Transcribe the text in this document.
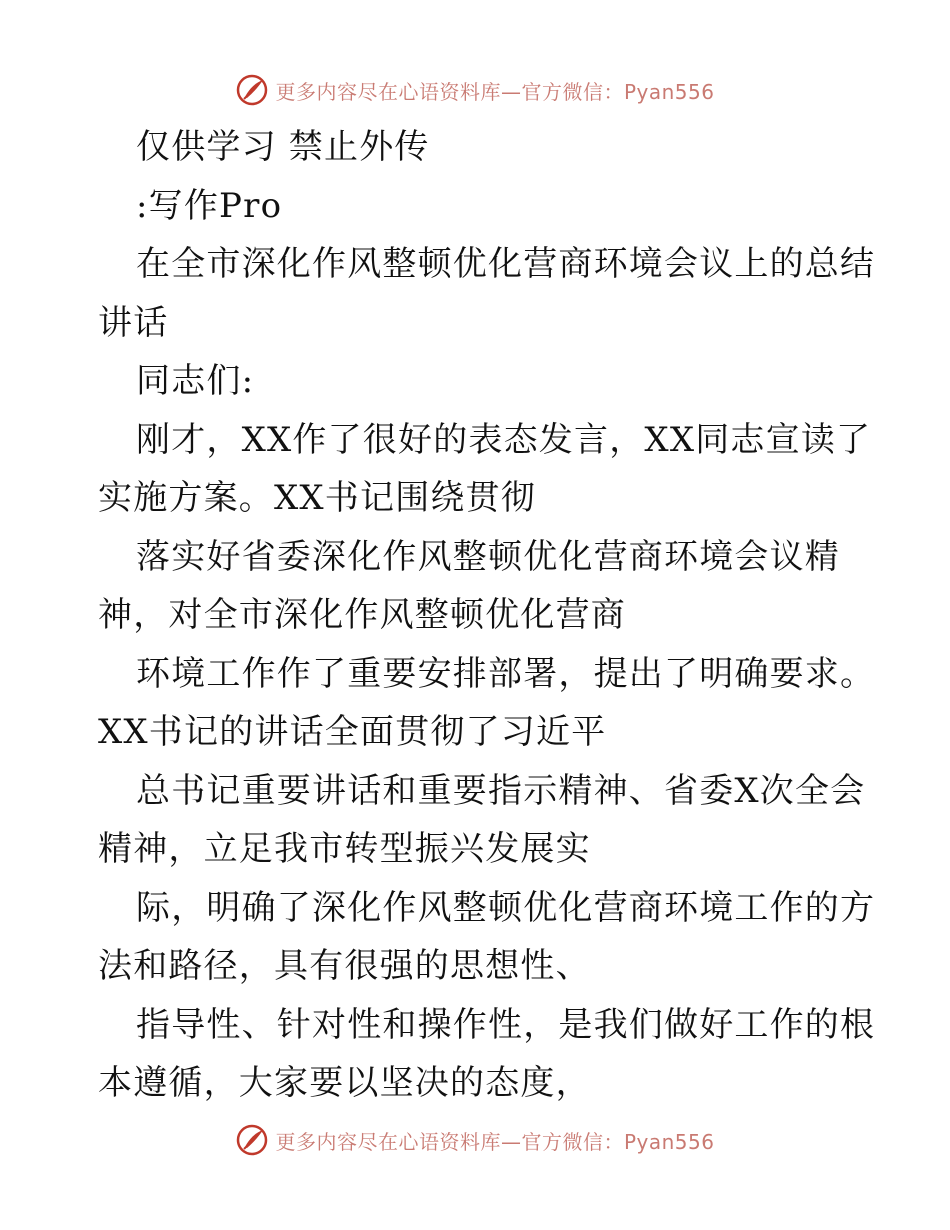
更多内容尽在心语资料库—官方微信：Pyan556

仅供学习 禁止外传

:写作Pro

在全市深化作风整顿优化营商环境会议上的总结

讲话

同志们:

刚才，XX作了很好的表态发言，XX同志宣读了

实施方案。XX书记围绕贯彻

落实好省委深化作风整顿优化营商环境会议精

神，对全市深化作风整顿优化营商

环境工作作了重要安排部署，提出了明确要求。

XX书记的讲话全面贯彻了习近平

总书记重要讲话和重要指示精神、省委X次全会

精神，立足我市转型振兴发展实

际，明确了深化作风整顿优化营商环境工作的方

法和路径，具有很强的思想性、

指导性、针对性和操作性，是我们做好工作的根

本遵循，大家要以坚决的态度，

更多内容尽在心语资料库—官方微信：Pyan556
